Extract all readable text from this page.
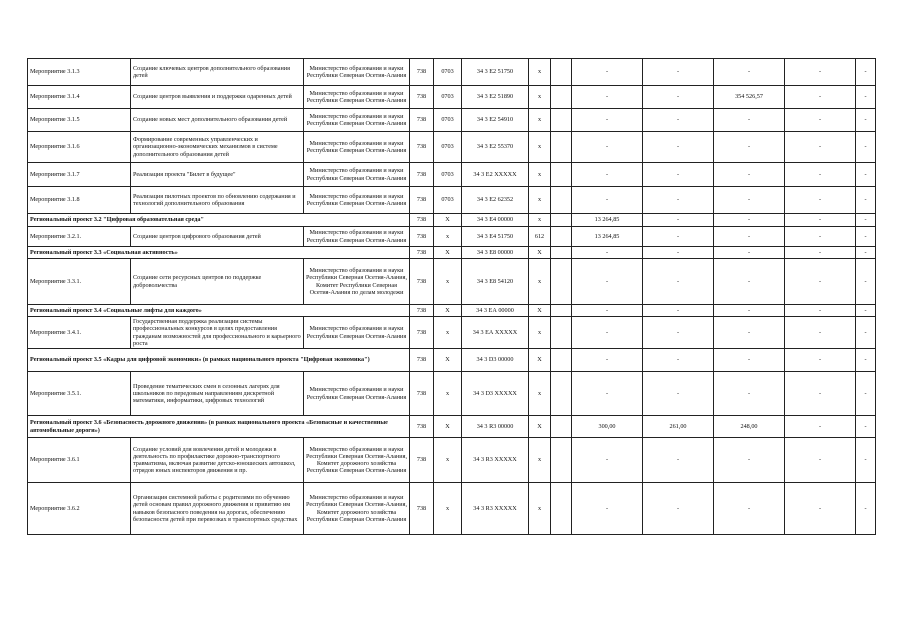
Мероприятие 3.1.3	Создание ключевых центров дополнительного образования детей	Министерство образования и науки Республики Северная Осетия-Алания	738	0703	34 3 Е2 51750	х		-	-	-	-	-
Мероприятие 3.1.4	Создание центров выявления и поддержки одаренных детей	Министерство образования и науки Республики Северная Осетия-Алания	738	0703	34 3 Е2 51890	х		-	-	354 526,57	-	-
Мероприятие 3.1.5	Создание новых мест дополнительного образования детей	Министерство образования и науки Республики Северная Осетия-Алания	738	0703	34 3 Е2 54910	х		-	-	-	-	-
Мероприятие 3.1.6	Формирование современных управленческих и организационно-экономических механизмов в системе дополнительного образования детей	Министерство образования и науки Республики Северная Осетия-Алания	738	0703	34 3 Е2 55370	х		-	-	-	-	-
Мероприятие 3.1.7	Реализация проекта "Билет в будущее"	Министерство образования и науки Республики Северная Осетия-Алания	738	0703	34 3 Е2 ХХХХХ	х		-	-	-	-	-
Мероприятие 3.1.8	Реализация пилотных проектов по обновлению содержания и технологий дополнительного образования	Министерство образования и науки Республики Северная Осетия-Алания	738	0703	34 3 Е2 62352	х		-	-	-	-	-
Региональный проект 3.2 "Цифровая образовательная среда"			738	Х	34 3 Е4 00000	х		13 264,85	-	-	-	-
Мероприятие 3.2.1.	Создание центров цифрового образования детей	Министерство образования и науки Республики Северная Осетия-Алания	738	х	34 3 Е4 51750	612		13 264,85	-	-	-	-
Региональный проект 3.3 «Социальная активность»			738	Х	34 3 Е8 00000	Х		-	-	-	-	-
Мероприятие 3.3.1.	Создание сети ресурсных центров по поддержке добровольчества	Министерство образования и науки Республики Северная Осетия-Алания, Комитет Республики Северная Осетия-Алания по делам молодежи	738	х	34 3 Е8 54120	х		-	-	-	-	-
Региональный проект 3.4 «Социальные лифты для каждого»			738	Х	34 3 ЕА 00000	Х		-	-	-	-	-
Мероприятие 3.4.1.	Государственная поддержка реализации системы профессиональных конкурсов в целях предоставления гражданам возможностей для профессионального и карьерного роста	Министерство образования и науки Республики Северная Осетия-Алания	738	х	34 3 ЕА ХХХХХ	х		-	-	-	-	-
Региональный проект 3.5 «Кадры для цифровой экономики» (в рамках национального проекта "Цифровая экономика")			738	Х	34 3 D3 00000	Х		-	-	-	-	-
Мероприятие 3.5.1.	Проведение тематических смен в сезонных лагерях для школьников по передовым направлениям дискретной математики, информатики, цифровых технологий	Министерство образования и науки Республики Северная Осетия-Алания	738	х	34 3 D3 ХХХХХ	х		-	-	-	-	-
Региональный проект 3.6 «Безопасность дорожного движения» (в рамках национального проекта «Безопасные и качественные автомобильные дороги»)			738	Х	34 3 R3 00000	Х		300,00	261,00	248,00	-	-
Мероприятие 3.6.1	Создание условий для вовлечения детей и молодежи в деятельность по профилактике дорожно-транспортного травматизма, включая развитие детско-юношеских автошкол, отрядов юных инспекторов движения и пр.	Министерство образования и науки Республики Северная Осетия-Алания, Комитет дорожного хозяйства Республики Северная Осетия-Алания	738	х	34 3 R3 ХХХХХ	х		-	-	-	-	-
Мероприятие 3.6.2	Организация системной работы с родителями по обучению детей основам правил дорожного движения и привитию им навыков безопасного поведения на дорогах, обеспечению безопасности детей при перевозках в транспортных средствах	Министерство образования и науки Республики Северная Осетия-Алания, Комитет дорожного хозяйства Республики Северная Осетия-Алания	738	х	34 3 R3 ХХХХХ	х		-	-	-	-	-
